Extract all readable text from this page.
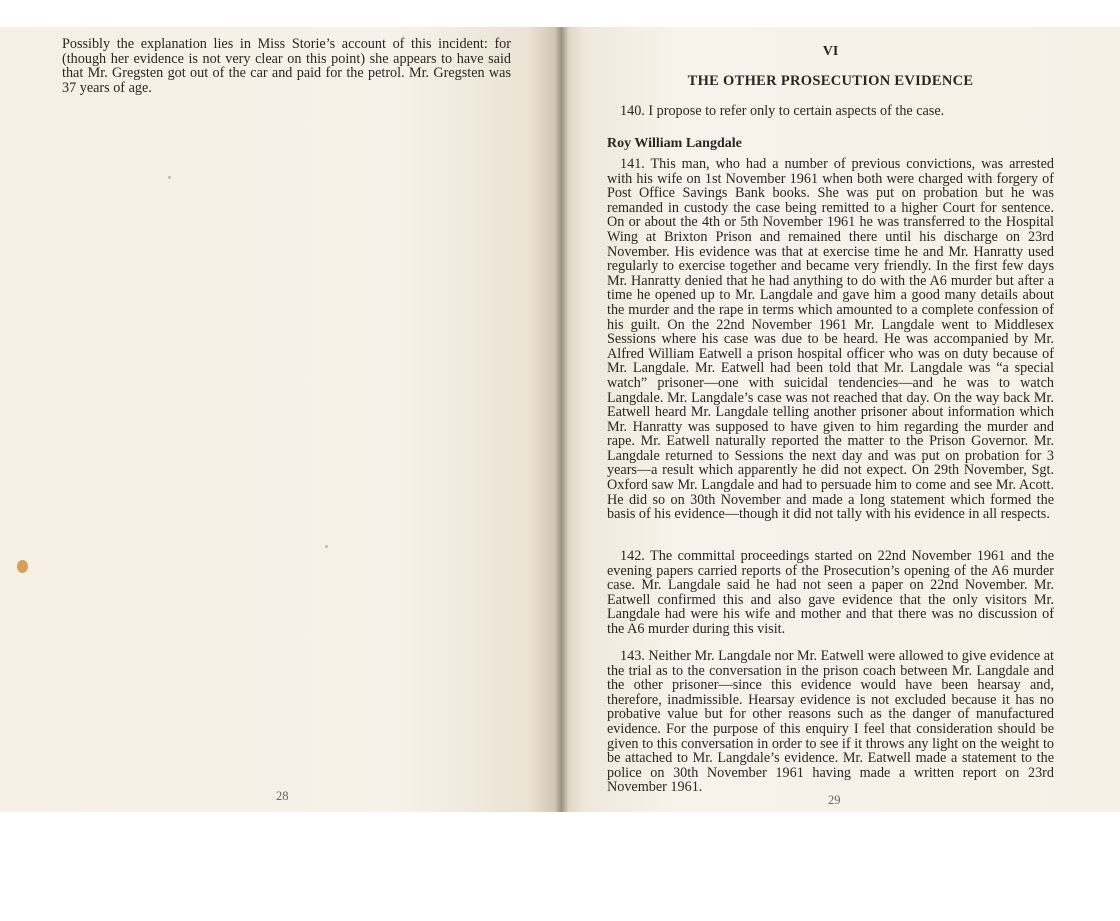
Possibly the explanation lies in Miss Storie’s account of this incident: for (though her evidence is not very clear on this point) she appears to have said that Mr. Gregsten got out of the car and paid for the petrol. Mr. Gregsten was 37 years of age.

28
VI
THE OTHER PROSECUTION EVIDENCE

140. I propose to refer only to certain aspects of the case.

Roy William Langdale

141. This man, who had a number of previous convictions, was arrested with his wife on 1st November 1961 when both were charged with forgery of Post Office Savings Bank books. She was put on probation but he was remanded in custody the case being remitted to a higher Court for sentence. On or about the 4th or 5th November 1961 he was transferred to the Hospital Wing at Brixton Prison and remained there until his discharge on 23rd November. His evidence was that at exercise time he and Mr. Hanratty used regularly to exercise together and became very friendly. In the first few days Mr. Hanratty denied that he had anything to do with the A6 murder but after a time he opened up to Mr. Langdale and gave him a good many details about the murder and the rape in terms which amounted to a complete confession of his guilt. On the 22nd November 1961 Mr. Langdale went to Middlesex Sessions where his case was due to be heard. He was accompanied by Mr. Alfred William Eatwell a prison hospital officer who was on duty because of Mr. Langdale. Mr. Eatwell had been told that Mr. Langdale was “a special watch” prisoner—one with suicidal tendencies—and he was to watch Langdale. Mr. Langdale’s case was not reached that day. On the way back Mr. Eatwell heard Mr. Langdale telling another prisoner about information which Mr. Hanratty was supposed to have given to him regarding the murder and rape. Mr. Eatwell naturally reported the matter to the Prison Governor. Mr. Langdale returned to Sessions the next day and was put on probation for 3 years—a result which apparently he did not expect. On 29th November, Sgt. Oxford saw Mr. Langdale and had to persuade him to come and see Mr. Acott. He did so on 30th November and made a long statement which formed the basis of his evidence—though it did not tally with his evidence in all respects.

142. The committal proceedings started on 22nd November 1961 and the evening papers carried reports of the Prosecution’s opening of the A6 murder case. Mr. Langdale said he had not seen a paper on 22nd November. Mr. Eatwell confirmed this and also gave evidence that the only visitors Mr. Langdale had were his wife and mother and that there was no discussion of the A6 murder during this visit.

143. Neither Mr. Langdale nor Mr. Eatwell were allowed to give evidence at the trial as to the conversation in the prison coach between Mr. Langdale and the other prisoner—since this evidence would have been hearsay and, therefore, inadmissible. Hearsay evidence is not excluded because it has no probative value but for other reasons such as the danger of manufactured evidence. For the purpose of this enquiry I feel that consideration should be given to this conversation in order to see if it throws any light on the weight to be attached to Mr. Langdale’s evidence. Mr. Eatwell made a statement to the police on 30th November 1961 having made a written report on 23rd November 1961.

29
